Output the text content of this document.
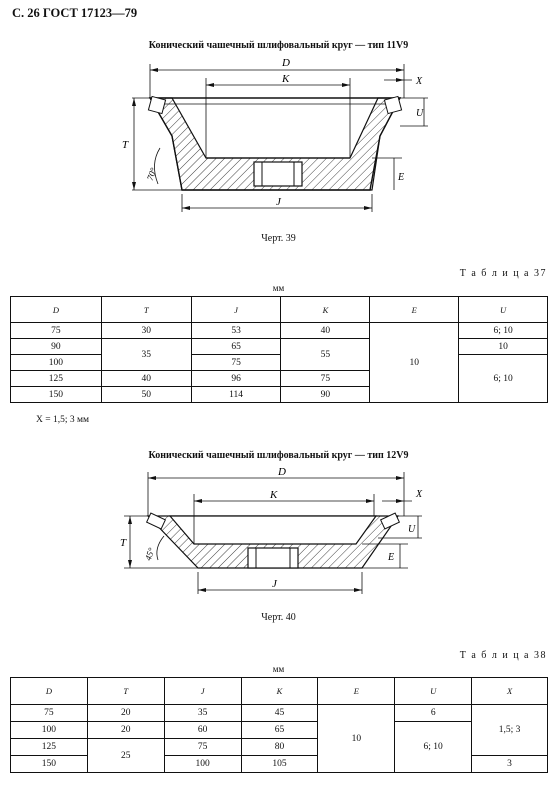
С. 26 ГОСТ 17123—79
Конический чашечный шлифовальный круг — тип 11V9
D
K	X
U
T
70°	E
J
Черт. 39
Т а б л и ц а 37
мм
D	T	J	K	E	U
75	30	53	40	10	6; 10
90	35	65	55		10
100		75			6; 10
125	40	96	75		
150	50	114	90		
X = 1,5; 3 мм
Конический чашечный шлифовальный круг — тип 12V9
D
K	X
U
T
45°	E
J
Черт. 40
Т а б л и ц а 38
мм
D	T	J	K	E	U	X
75	20	35	45	10	6	1,5; 3
100	20	60	65		6; 10	
125	25	75	80			
150		100	105			3
